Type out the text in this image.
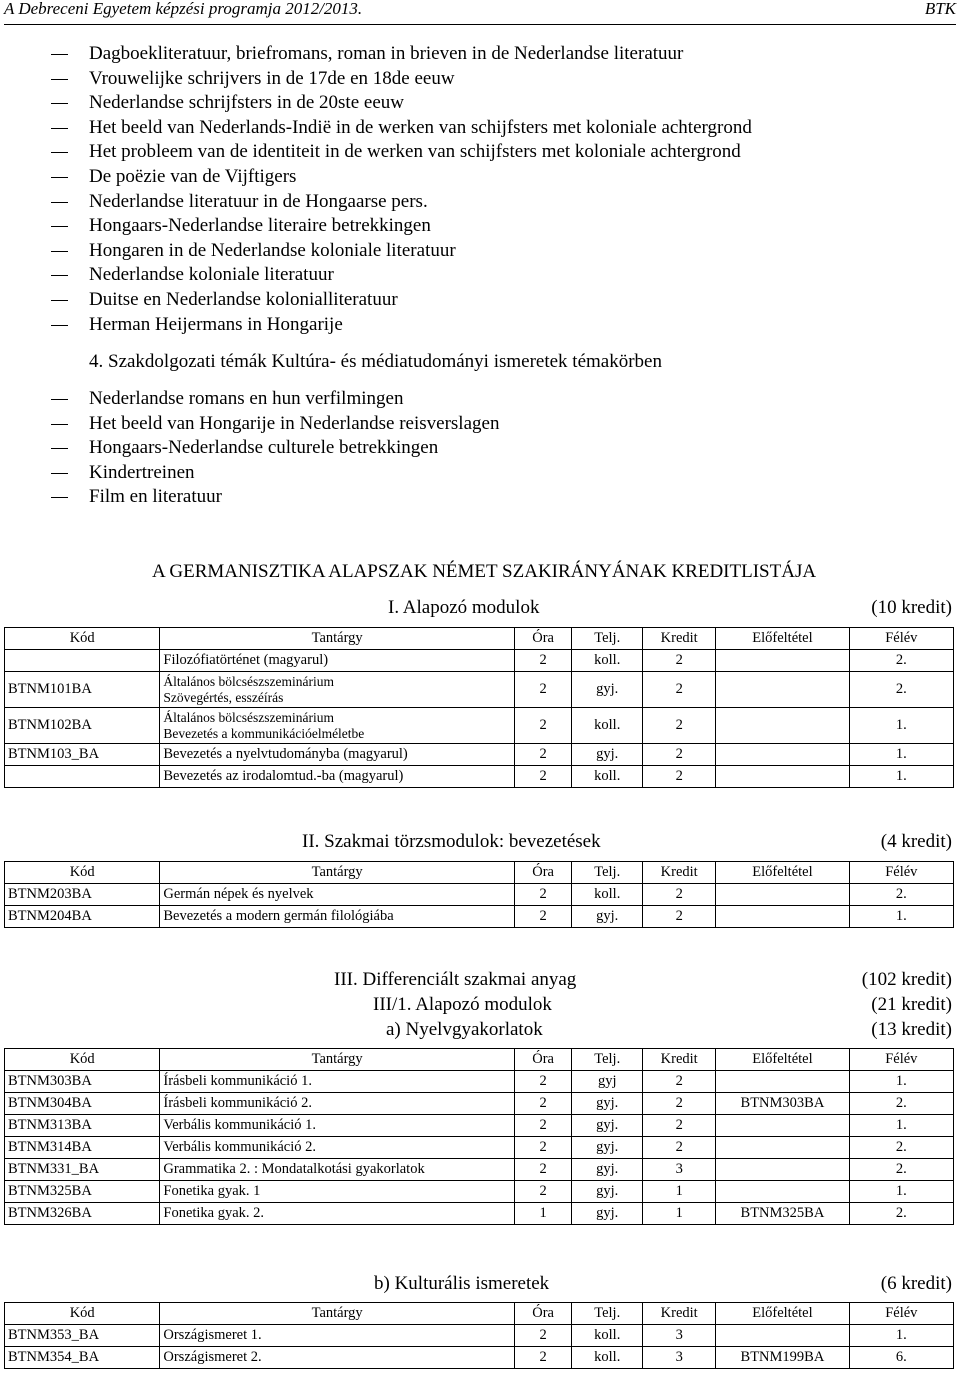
A Debreceni Egyetem képzési programja 2012/2013.	BTK
Dagboekliteratuur, briefromans, roman in brieven in de Nederlandse literatuur
Vrouwelijke schrijvers in de 17de en 18de eeuw
Nederlandse schrijfsters in de 20ste eeuw
Het beeld van Nederlands-Indië in de werken van schijfsters met koloniale achtergrond
Het probleem van de identiteit in de werken van schijfsters met koloniale achtergrond
De poëzie van de Vijftigers
Nederlandse literatuur in de Hongaarse pers.
Hongaars-Nederlandse literaire betrekkingen
Hongaren in de Nederlandse koloniale literatuur
Nederlandse koloniale literatuur
Duitse en Nederlandse kolonialliteratuur
Herman Heijermans in Hongarije
4. Szakdolgozati témák Kultúra- és médiatudományi ismeretek témakörben
Nederlandse romans en hun verfilmingen
Het beeld van Hongarije in Nederlandse reisverslagen
Hongaars-Nederlandse culturele betrekkingen
Kindertreinen
Film en literatuur
A GERMANISZTIKA ALAPSZAK NÉMET SZAKIRÁNYÁNAK KREDITLISTÁJA
I. Alapozó modulok	(10 kredit)
Kód	Tantárgy	Óra	Telj.	Kredit	Előfeltétel	Félév
	Filozófiatörténet (magyarul)	2	koll.	2		2.
BTNM101BA	Általános bölcsészszeminárium
Szövegértés, esszéírás	2	gyj.	2		2.
BTNM102BA	Általános bölcsészszeminárium
Bevezetés a kommunikációelméletbe	2	koll.	2		1.
BTNM103_BA	Bevezetés a nyelvtudományba (magyarul)	2	gyj.	2		1.
	Bevezetés az irodalomtud.-ba (magyarul)	2	koll.	2		1.
II. Szakmai törzsmodulok: bevezetések	(4 kredit)
Kód	Tantárgy	Óra	Telj.	Kredit	Előfeltétel	Félév
BTNM203BA	Germán népek és nyelvek	2	koll.	2		2.
BTNM204BA	Bevezetés a modern germán filológiába	2	gyj.	2		1.
III. Differenciált szakmai anyag	(102 kredit)
III/1. Alapozó modulok	(21 kredit)
a) Nyelvgyakorlatok	(13 kredit)
Kód	Tantárgy	Óra	Telj.	Kredit	Előfeltétel	Félév
BTNM303BA	Írásbeli kommunikáció 1.	2	gyj	2		1.
BTNM304BA	Írásbeli kommunikáció 2.	2	gyj.	2	BTNM303BA	2.
BTNM313BA	Verbális kommunikáció 1.	2	gyj.	2		1.
BTNM314BA	Verbális kommunikáció 2.	2	gyj.	2		2.
BTNM331_BA	Grammatika 2. : Mondatalkotási gyakorlatok	2	gyj.	3		2.
BTNM325BA	Fonetika gyak. 1	2	gyj.	1		1.
BTNM326BA	Fonetika gyak. 2.	1	gyj.	1	BTNM325BA	2.
b) Kulturális ismeretek	(6 kredit)
Kód	Tantárgy	Óra	Telj.	Kredit	Előfeltétel	Félév
BTNM353_BA	Országismeret 1.	2	koll.	3		1.
BTNM354_BA	Országismeret 2.	2	koll.	3	BTNM199BA	6.
